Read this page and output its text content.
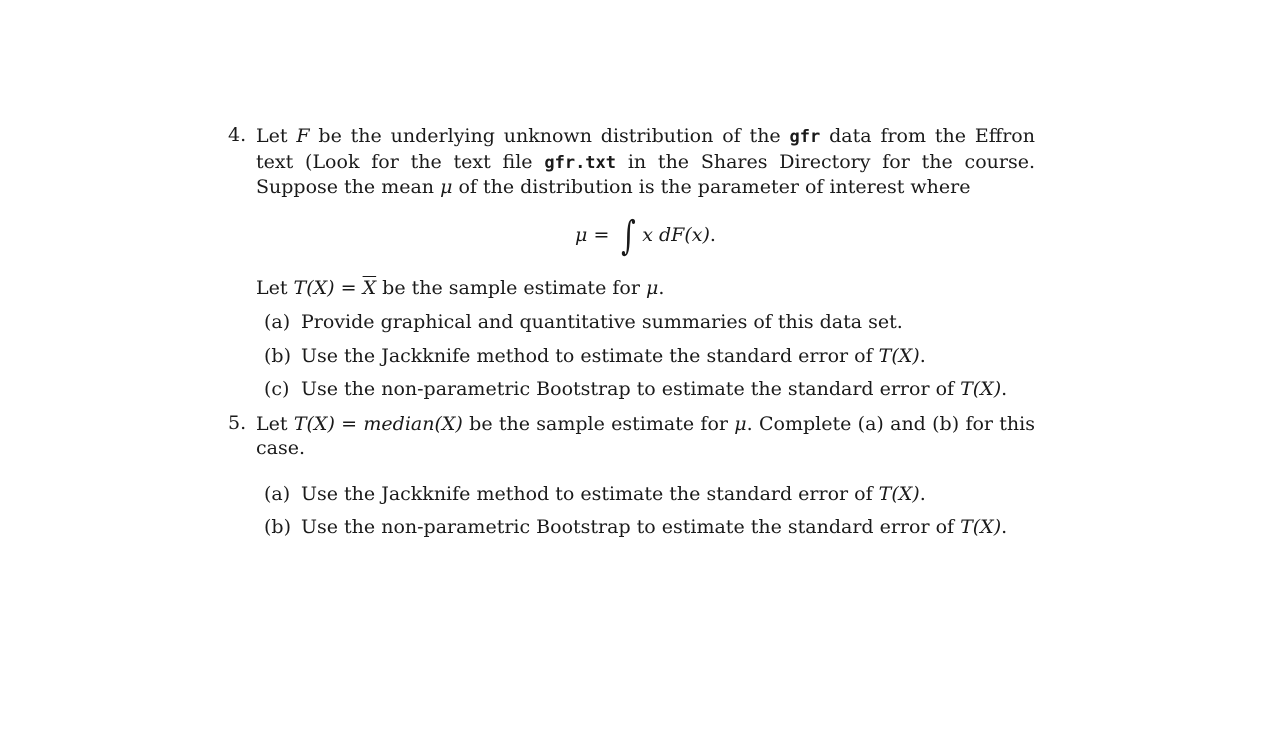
4. Let F be the underlying unknown distribution of the gfr data from the Effron text (Look for the text file gfr.txt in the Shares Directory for the course. Suppose the mean μ of the distribution is the parameter of interest where
μ = ∫ x d F (x) .
Let $T(X) = \overline{X}$ be the sample estimate for μ.
(a) Provide graphical and quantitative summaries of this data set.
(b) Use the Jackknife method to estimate the standard error of T(X).
(c) Use the non-parametric Bootstrap to estimate the standard error of T(X).
5. Let T(X) = median(X) be the sample estimate for μ. Complete (a) and (b) for this case.
(a) Use the Jackknife method to estimate the standard error of T(X).
(b) Use the non-parametric Bootstrap to estimate the standard error of T(X).
